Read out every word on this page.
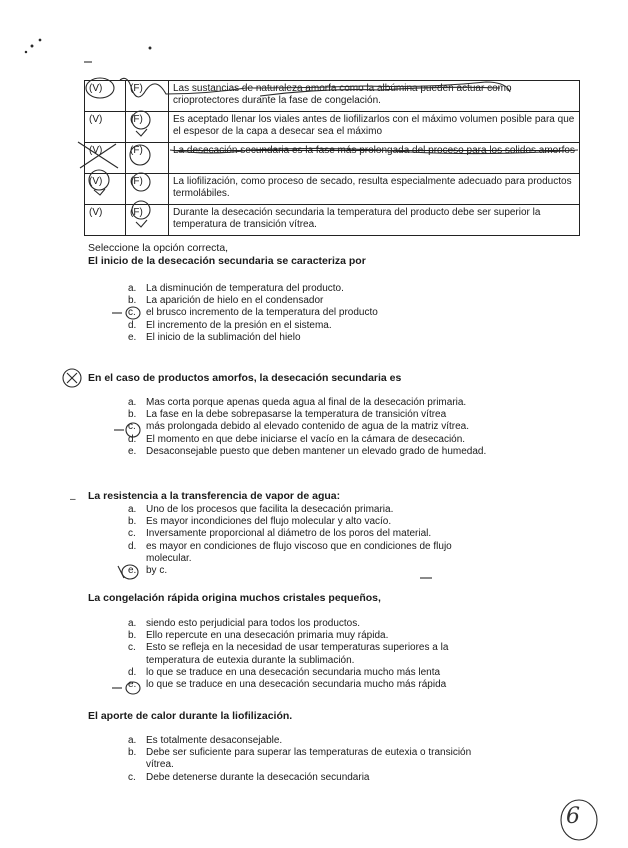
(V)	(F)	Las sustancias de naturaleza amorfa como la albúmina pueden actuar como crioprotectores durante la fase de congelación.
(V)	(F)	Es aceptado llenar los viales antes de liofilizarlos con el máximo volumen posible para que el espesor de la capa a desecar sea el máximo
(V)	(F)	La desecación secundaria es la fase más prolongada del proceso para los solidos amorfos
(V)	(F)	La liofilización, como proceso de secado, resulta especialmente adecuado para productos termolábiles.
(V)	(F)	Durante la desecación secundaria la temperatura del producto debe ser superior la temperatura de transición vítrea.
Seleccione la opción correcta,
El inicio de la desecación secundaria se caracteriza por
a. La disminución de temperatura del producto.
b. La aparición de hielo en el condensador
c.	el brusco incremento de la temperatura del producto
d. El incremento de la presión en el sistema.
e. El inicio de la sublimación del hielo
En el caso de productos amorfos, la desecación secundaria es
a. Mas corta porque apenas queda agua al final de la desecación primaria.
b. La fase en la debe sobrepasarse la temperatura de transición vítrea
c.	más prolongada debido al elevado contenido de agua de la matriz vítrea.
d. El momento en que debe iniciarse el vacío en la cámara de desecación.
e. Desaconsejable puesto que deben mantener un elevado grado de humedad.
– La resistencia a la transferencia de vapor de agua:
a. Uno de los procesos que facilita la desecación primaria.
b. Es mayor incondiciones del flujo molecular y alto vacío.
c.	Inversamente proporcional al diámetro de los poros del material.
d. es mayor en condiciones de flujo viscoso que en condiciones de flujo molecular.
e. by c.
La congelación rápida origina muchos cristales pequeños,
a. siendo esto perjudicial para todos los productos.
b. Ello repercute en una desecación primaria muy rápida.
c.	Esto se refleja en la necesidad de usar temperaturas superiores a la temperatura de eutexia durante la sublimación.
d. lo que se traduce en una desecación secundaria mucho más lenta
e. lo que se traduce en una desecación secundaria mucho más rápida
El aporte de calor durante la liofilización.
a. Es totalmente desaconsejable.
b. Debe ser suficiente para superar las temperaturas de eutexia o transición vítrea.
c.	Debe detenerse durante la desecación secundaria
6
